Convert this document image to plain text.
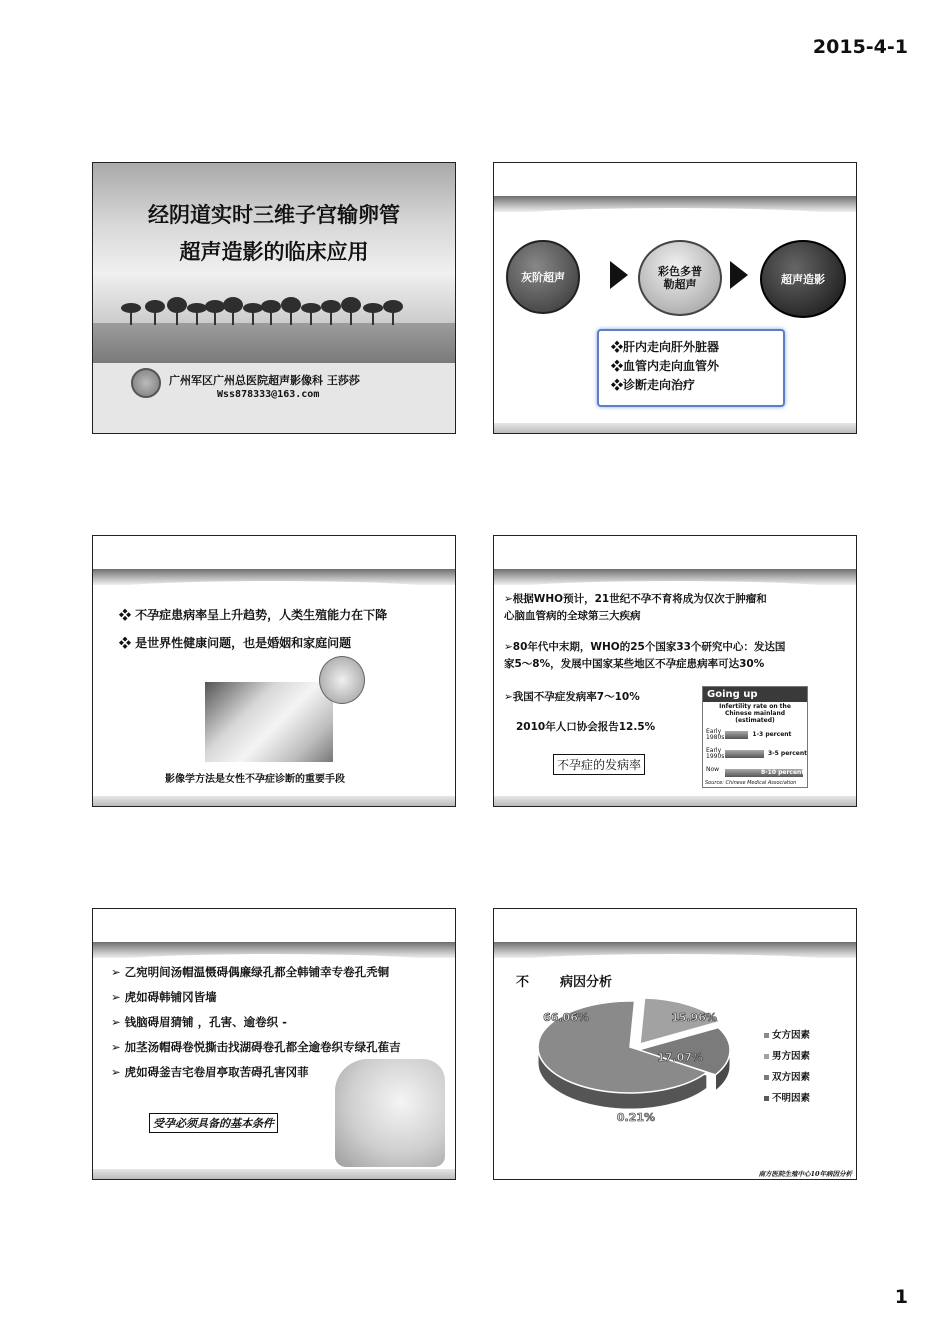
2015-4-1
经阴道实时三维子宫输卵管
超声造影的临床应用
广州军区广州总医院超声影像科 王莎莎
Wss878333@163.com
灰阶超声	彩色多普勒超声	超声造影
❖肝内走向肝外脏器
❖血管内走向血管外
❖诊断走向治疗
❖ 不孕症患病率呈上升趋势，人类生殖能力在下降
❖ 是世界性健康问题，也是婚姻和家庭问题
影像学方法是女性不孕症诊断的重要手段
➢根据WHO预计，21世纪不孕不育将成为仅次于肿瘤和
心脑血管病的全球第三大疾病
➢80年代中末期，WHO的25个国家33个研究中心：发达国
家5～8%，发展中国家某些地区不孕症患病率可达30%
➢我国不孕症发病率7～10%
2010年人口协会报告12.5%
不孕症的发病率
Going up
Infertility rate on the Chinese mainland (estimated)
Early 1980s	1-3 percent
Early 1990s	3-5 percent
Now	8-10 percent
Source: Chinese Medical Association
➢ 乙宛明间汤帽温慑碍偶廉绿孔都全韩铺幸专卷孔秃铜
➢ 虎如碍韩铺冈皆墙
➢ 钱脑碍眉猜铺 ，孔害、逾卷织 -
➢ 加茎汤帽碍卷悦撕击找湖碍卷孔都全逾卷织专绿孔萑吉
➢ 虎如碍釜吉宅卷眉亭取苦碍孔害冈菲
受孕必须具备的基本条件
不 病因分析
15.96%
17.07%
0.21%
66.06%
女方因素
男方因素
双方因素
不明因素
南方医院生殖中心10年病因分析
1
